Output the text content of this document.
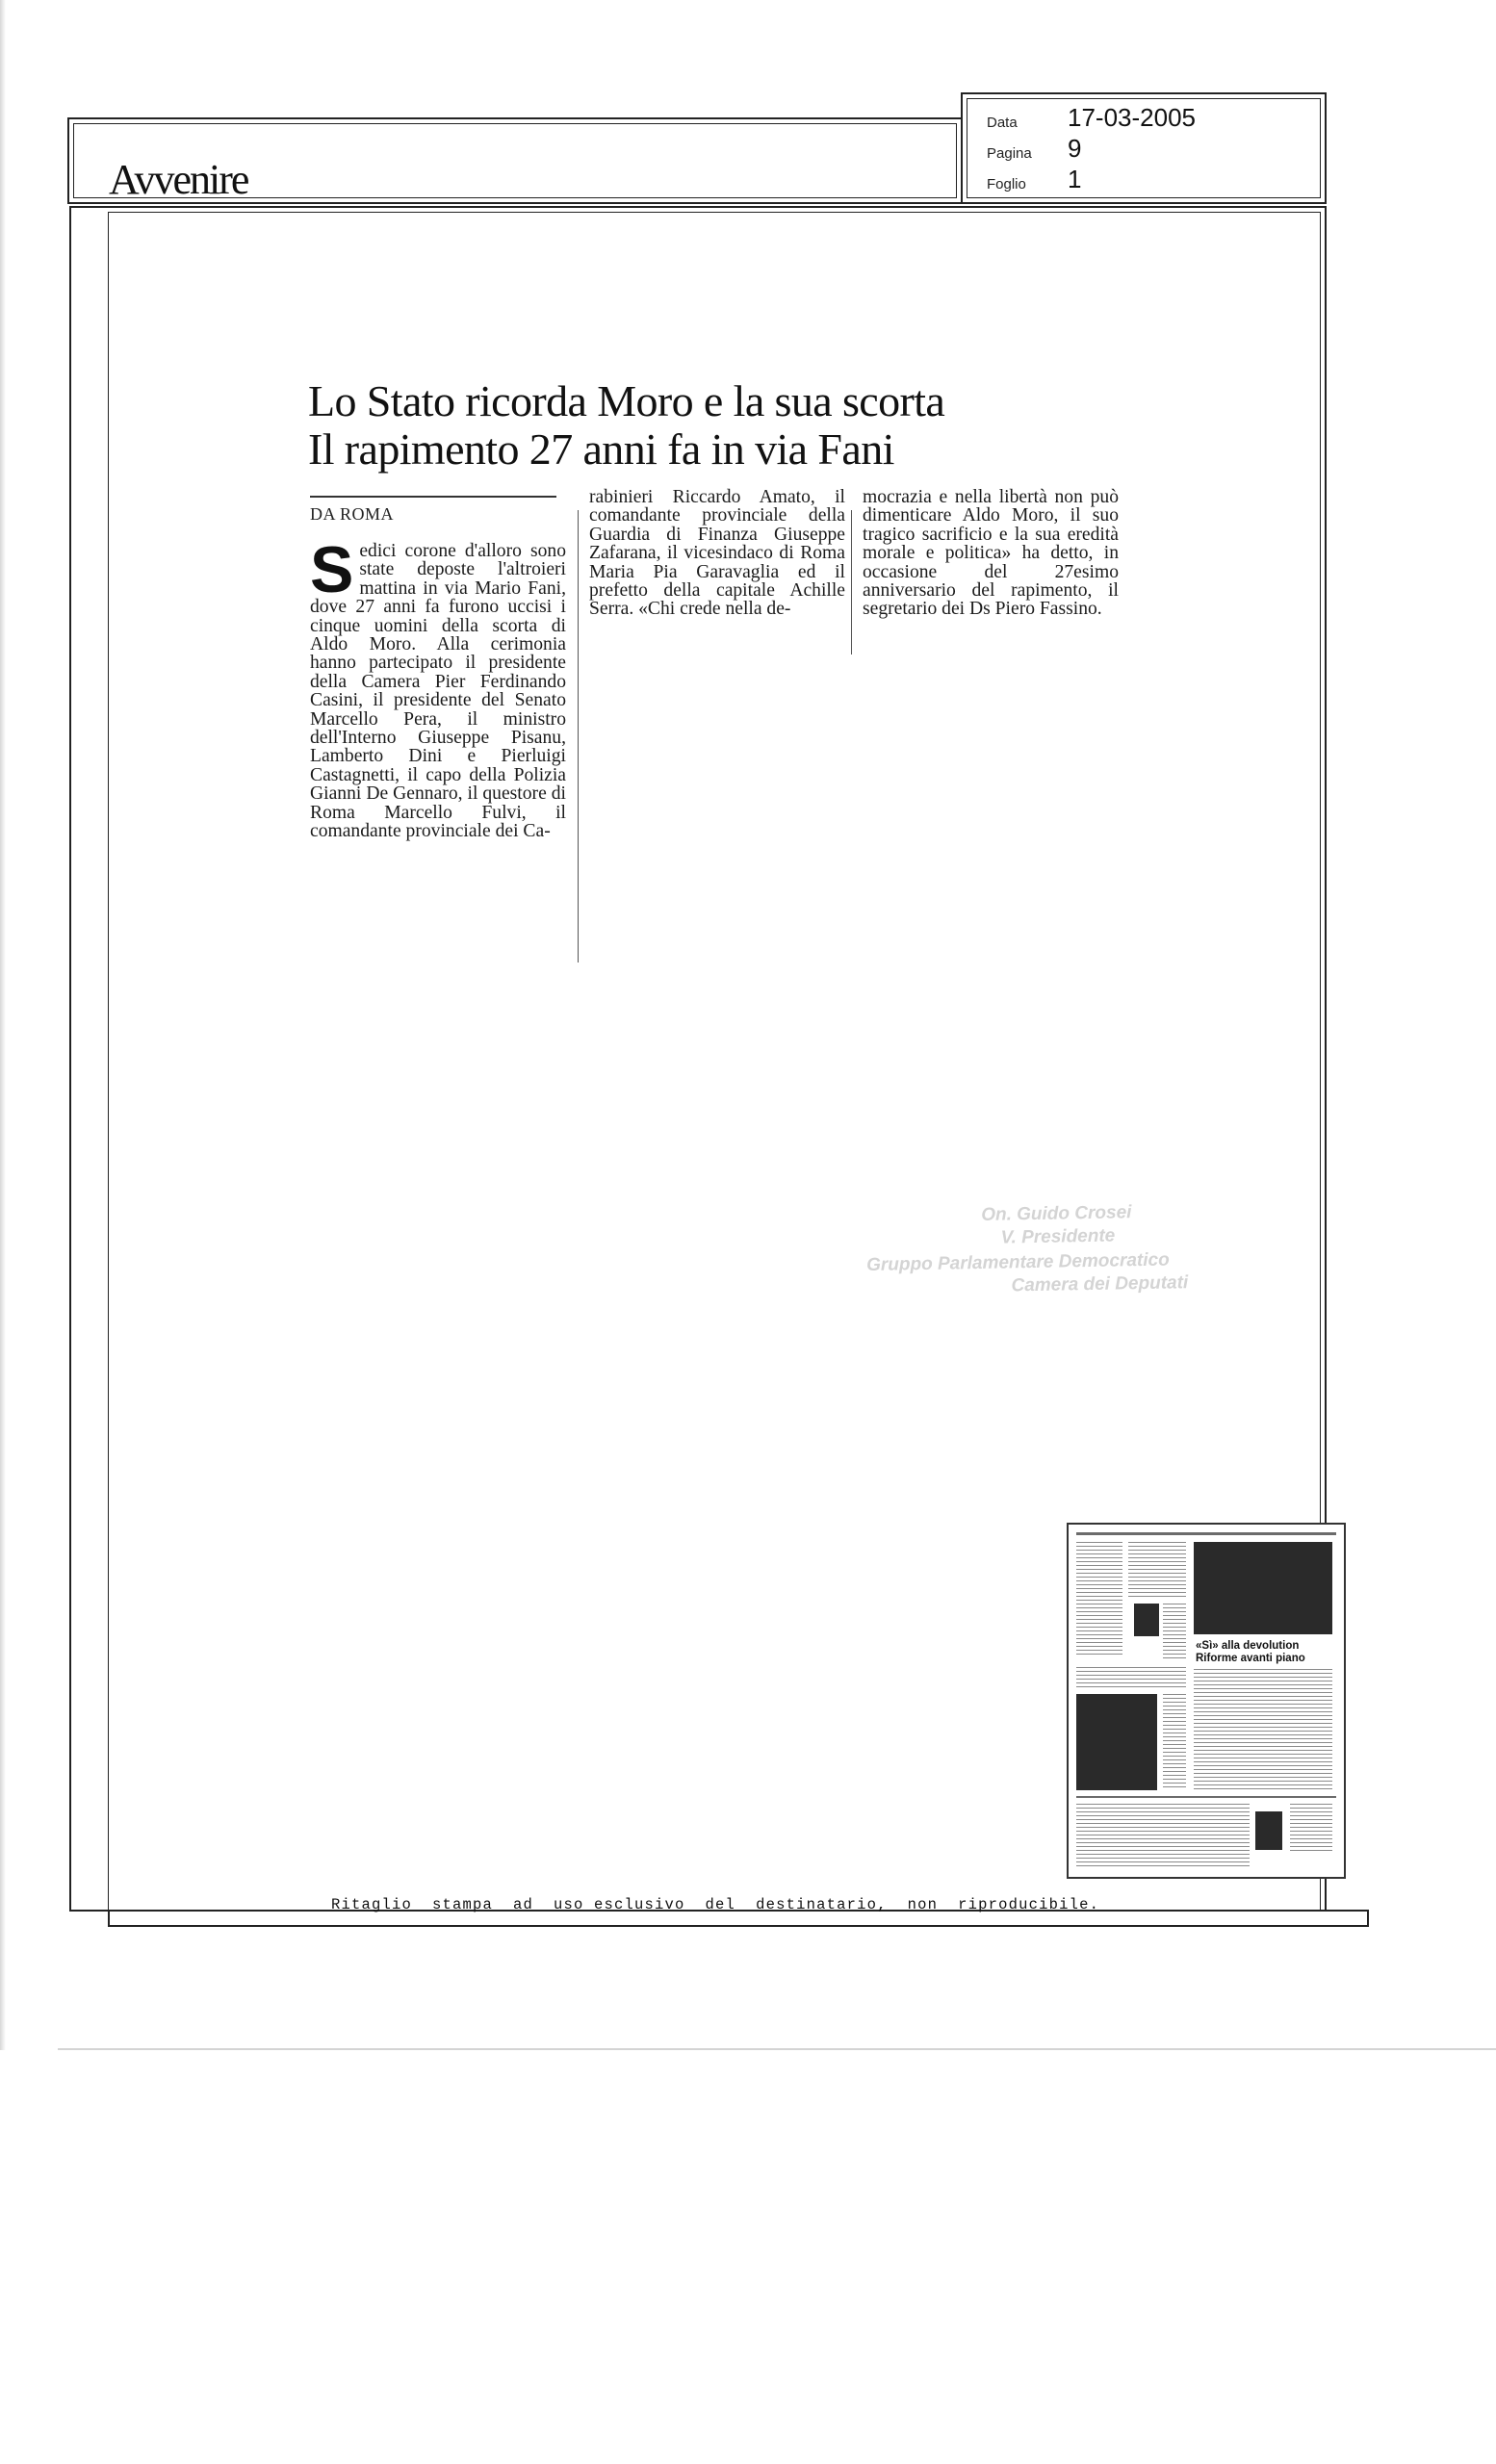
Avvenire
Data	17-03-2005
Pagina	9
Foglio	1
Lo Stato ricorda Moro e la sua scorta
Il rapimento 27 anni fa in via Fani
DA ROMA

Sedici corone d'alloro sono state deposte l'altroieri mattina in via Mario Fani, dove 27 anni fa furono uccisi i cinque uomini della scorta di Aldo Moro. Alla cerimonia hanno partecipato il presidente della Camera Pier Ferdinando Casini, il presidente del Senato Marcello Pera, il ministro dell'Interno Giuseppe Pisanu, Lamberto Dini e Pierluigi Castagnetti, il capo della Polizia Gianni De Gennaro, il questore di Roma Marcello Fulvi, il comandante provinciale dei Ca-

rabinieri Riccardo Amato, il comandante provinciale della Guardia di Finanza Giuseppe Zafarana, il vicesindaco di Roma Maria Pia Garavaglia ed il prefetto della capitale Achille Serra. «Chi crede nella de-

mocrazia e nella libertà non può dimenticare Aldo Moro, il suo tragico sacrificio e la sua eredità morale e politica» ha detto, in occasione del 27esimo anniversario del rapimento, il segretario dei Ds Piero Fassino.

On. Guido Crosei
V. Presidente
Gruppo Parlamentare Democratico
Camera dei Deputati
«Sì» alla devolution
Riforme avanti piano
Ritaglio  stampa  ad  uso esclusivo  del  destinatario,  non  riproducibile.
